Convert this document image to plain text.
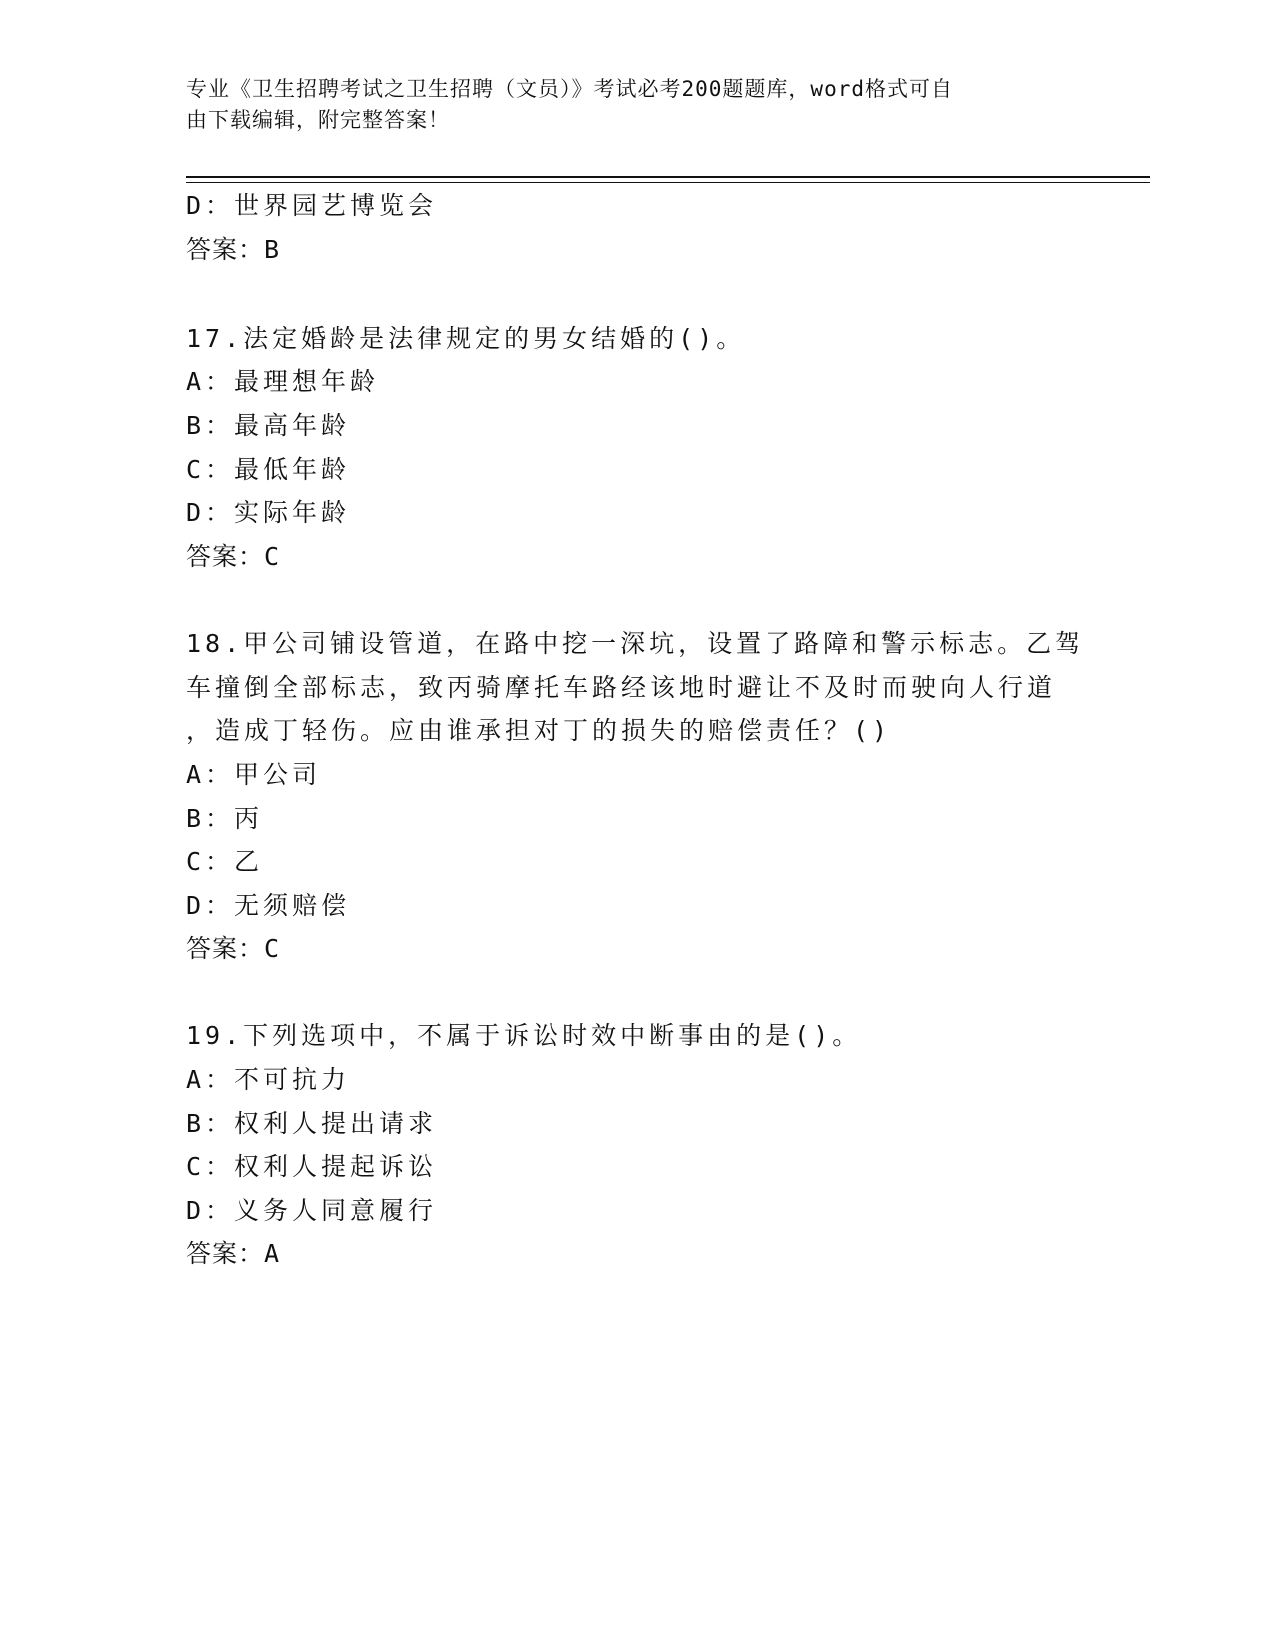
专业《卫生招聘考试之卫生招聘（文员）》考试必考200题题库，word格式可自
由下载编辑，附完整答案！
D：世界园艺博览会
答案：B
17.法定婚龄是法律规定的男女结婚的()。
A：最理想年龄
B：最高年龄
C：最低年龄
D：实际年龄
答案：C
18.甲公司铺设管道，在路中挖一深坑，设置了路障和警示标志。乙驾
车撞倒全部标志，致丙骑摩托车路经该地时避让不及时而驶向人行道
，造成丁轻伤。应由谁承担对丁的损失的赔偿责任？()
A：甲公司
B：丙
C：乙
D：无须赔偿
答案：C
19.下列选项中，不属于诉讼时效中断事由的是()。
A：不可抗力
B：权利人提出请求
C：权利人提起诉讼
D：义务人同意履行
答案：A
